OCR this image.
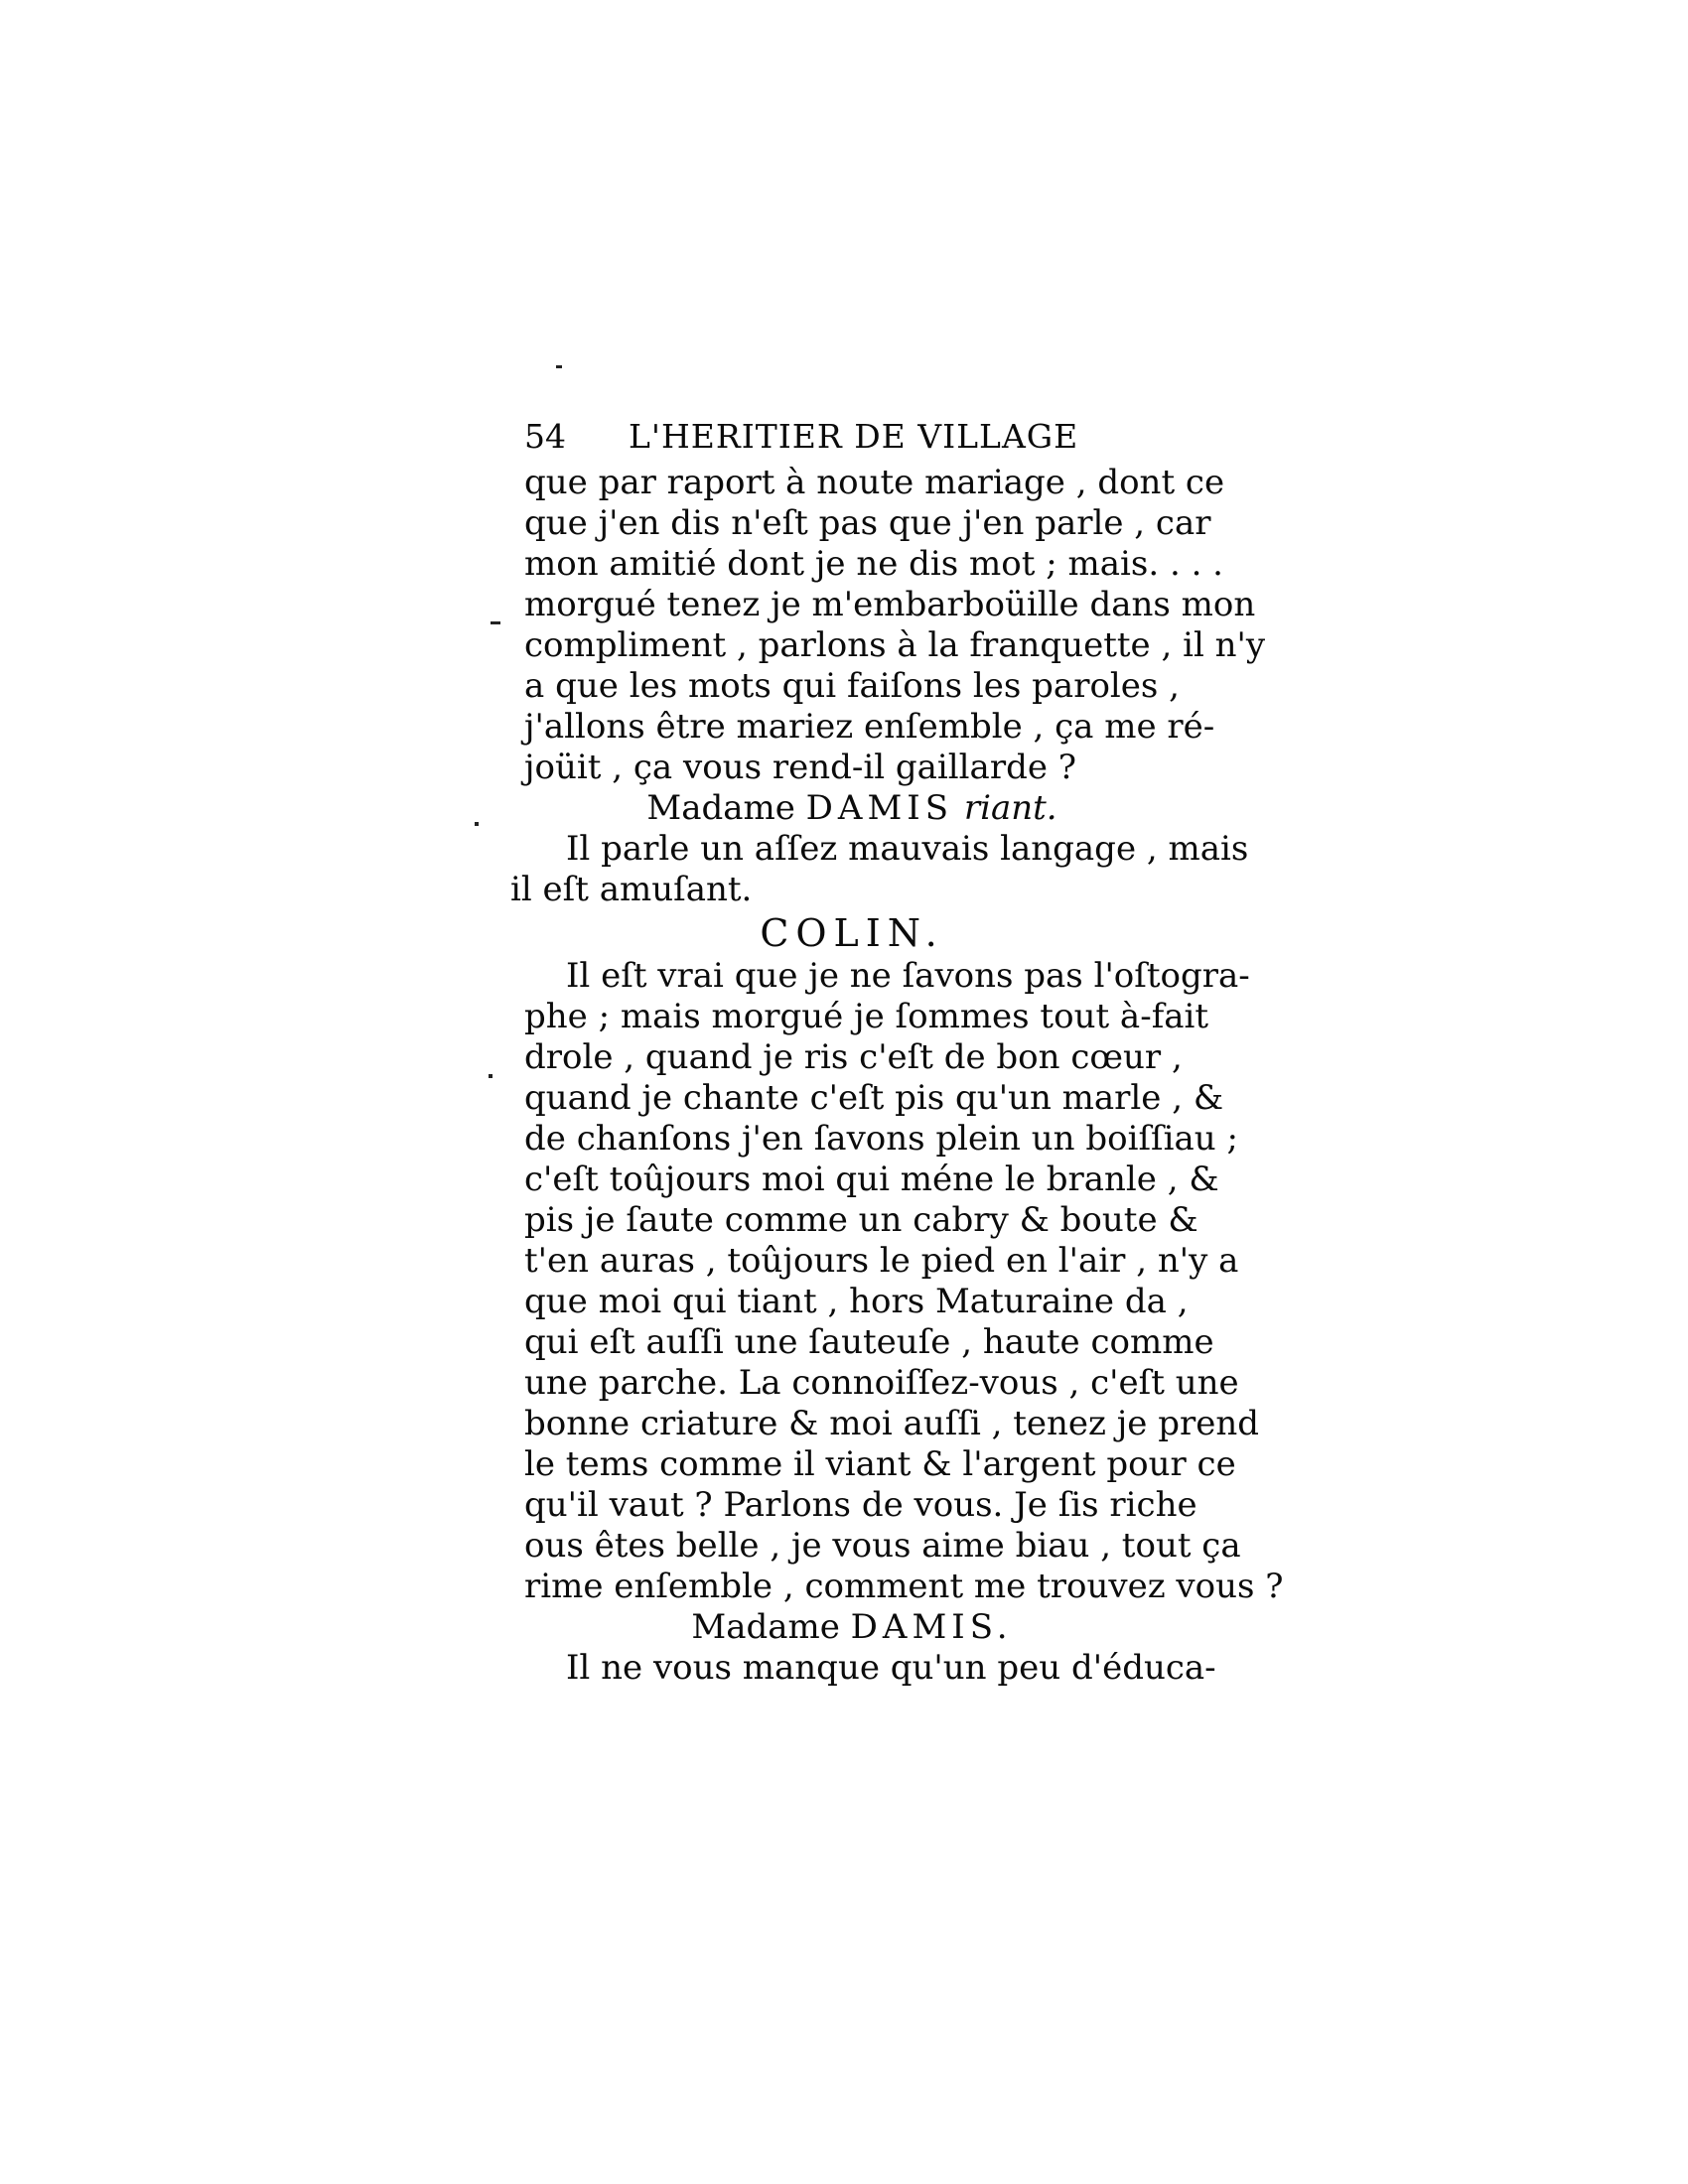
54 L'HERITIER DE VILLAGE
que par raport à noute mariage , dont ce
que j'en dis n'eſt pas que j'en parle , car
mon amitié dont je ne dis mot ; mais. . . .
morgué tenez je m'embarboüille dans mon
compliment , parlons à la franquette , il n'y
a que les mots qui faiſons les paroles ,
j'allons être mariez enſemble , ça me ré-
joüit , ça vous rend-il gaillarde ?
Madame DAMIS riant.
Il parle un aſſez mauvais langage , mais
il eſt amuſant.
COLIN.
Il eſt vrai que je ne ſavons pas l'oſtogra-
phe ; mais morgué je ſommes tout à-fait
drole , quand je ris c'eſt de bon cœur ,
quand je chante c'eſt pis qu'un marle , &
de chanſons j'en ſavons plein un boiſſiau ;
c'eſt toûjours moi qui méne le branle , &
pis je ſaute comme un cabry & boute &
t'en auras , toûjours le pied en l'air , n'y a
que moi qui tiant , hors Maturaine da ,
qui eſt auſſi une ſauteuſe , haute comme
une parche. La connoiſſez-vous , c'eſt une
bonne criature & moi auſſi , tenez je prend
le tems comme il viant & l'argent pour ce
qu'il vaut ? Parlons de vous. Je ſis riche
ous êtes belle , je vous aime biau , tout ça
rime enſemble , comment me trouvez vous ?
Madame DAMIS.
Il ne vous manque qu'un peu d'éduca-
